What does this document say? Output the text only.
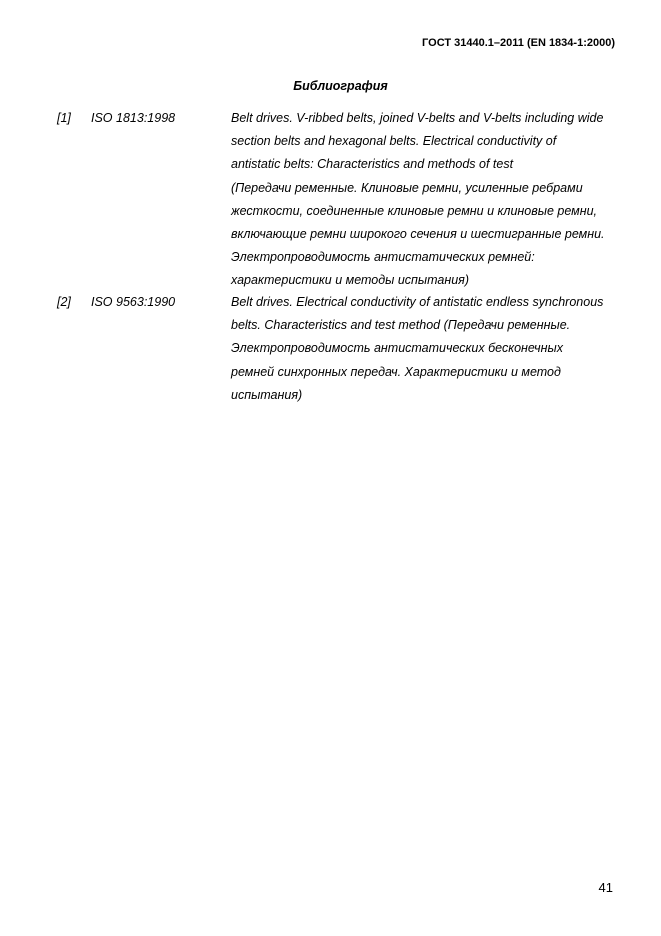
ГОСТ 31440.1–2011 (EN 1834-1:2000)
Библиография
[1] ISO 1813:1998	Belt drives. V-ribbed belts, joined V-belts and V-belts including wide
section belts and hexagonal belts. Electrical conductivity of
antistatic belts: Characteristics and methods of test
(Передачи ременные. Клиновые ремни, усиленные ребрами
жесткости, соединенные клиновые ремни и клиновые ремни,
включающие ремни широкого сечения и шестигранные ремни.
Электропроводимость антистатических ремней:
характеристики и методы испытания)
[2] ISO 9563:1990	Belt drives. Electrical conductivity of antistatic endless synchronous
belts. Characteristics and test method (Передачи ременные.
Электропроводимость антистатических бесконечных
ремней синхронных передач. Характеристики и метод
испытания)
41
